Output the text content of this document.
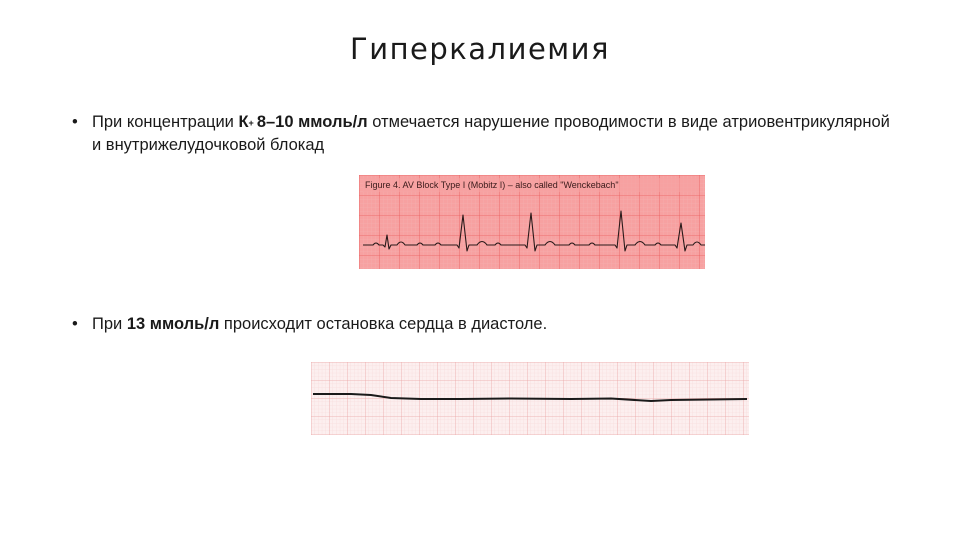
Гиперкалиемия
• При концентрации К+ 8–10 ммоль/л отмечается нарушение проводимости в виде атриовентрикулярной и внутрижелудочковой блокад
Figure 4. AV Block Type I (Mobitz I) – also called "Wenckebach"
• При 13 ммоль/л происходит остановка сердца в диастоле.
